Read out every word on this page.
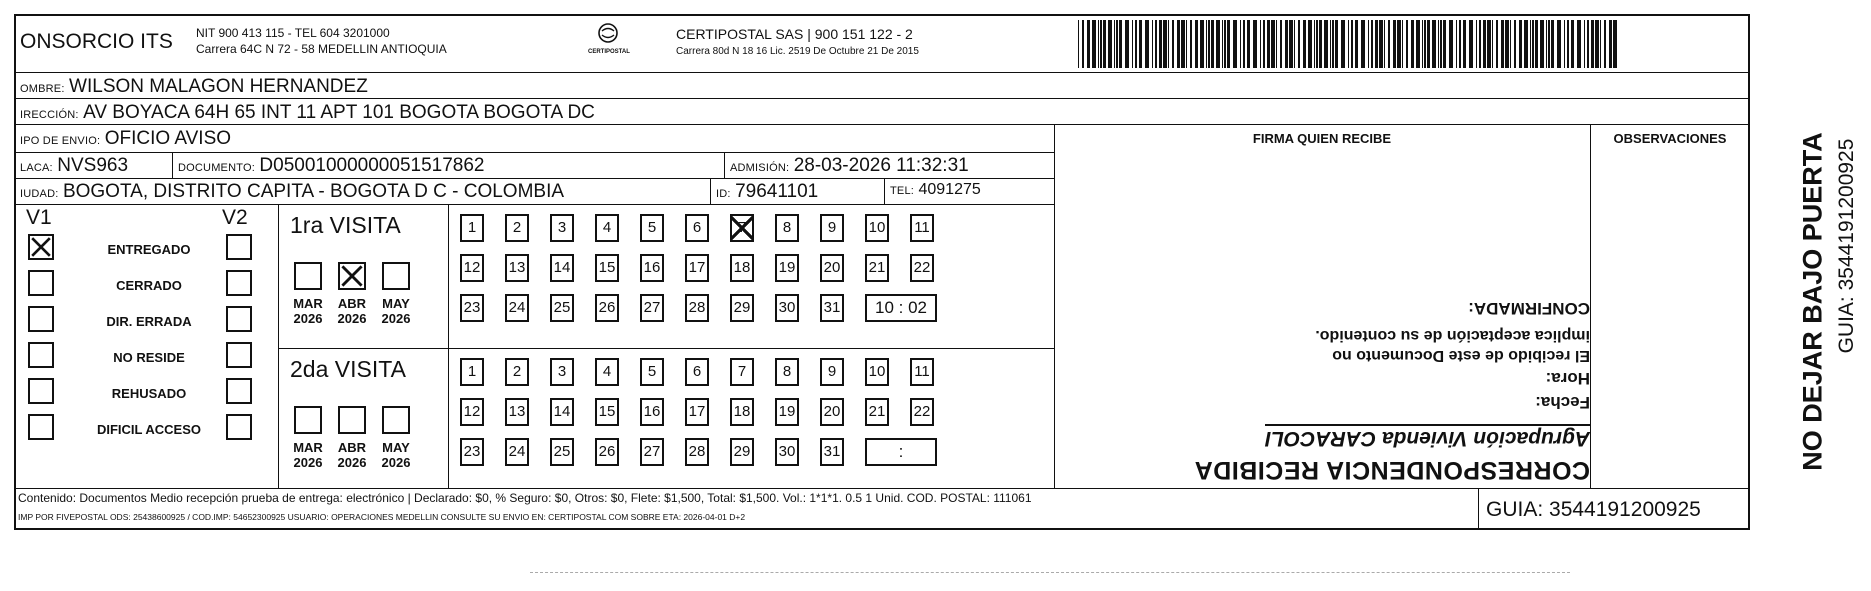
ONSORCIO ITS NIT 900 413 115 - TEL 604 3201000
Carrera 64C N 72 - 58 MEDELLIN ANTIOQUIA	CERTIPOSTAL
CERTIPOSTAL SAS | 900 151 122 - 2
Carrera 80d N 18 16 Lic. 2519 De Octubre 21 De 2015
OMBRE: WILSON MALAGON HERNANDEZ
IRECCIÓN: AV BOYACA 64H 65 INT 11 APT 101 BOGOTA BOGOTA DC
IPO DE ENVIO: OFICIO AVISO
LACA: NVS963	DOCUMENTO: D05001000000051517862	ADMISIÓN: 28-03-2026 11:32:31
IUDAD: BOGOTA, DISTRITO CAPITA - BOGOTA D C - COLOMBIA	ID: 79641101	TEL: 4091275
FIRMA QUIEN RECIBE	OBSERVACIONES
V1	V2
ENTREGADO
CERRADO
DIR. ERRADA
NO RESIDE
REHUSADO
DIFICIL ACCESO
1ra VISITA
MAR
2026
ABR
2026
MAY
2026
1	2	3	4	5	6	7	8	9	10 11
12 13 14 15 16 17 18 19 20 21 22
23 24 25 26 27 28 29 30 31	10 : 02
2da VISITA
MAR
2026
ABR
2026
MAY
2026
1	2	3	4	5	6	7	8	9	10 11
12 13 14 15 16 17 18 19 20 21 22
23 24 25 26 27 28 29 30 31	:
CORRESPONDENCIA RECIBIDA
Agrupación Vivienda CARACOLI
Fecha:
Hora:
El recibido de este Documento no
implica aceptación de su contenido.
CONFIRMADA:
Contenido: Documentos Medio recepción prueba de entrega: electrónico | Declarado: $0, % Seguro: $0, Otros: $0, Flete: $1,500, Total: $1,500. Vol.: 1*1*1. 0.5 1 Unid. COD. POSTAL: 111061
IMP POR FIVEPOSTAL ODS: 25438600925 / COD.IMP: 54652300925 USUARIO: OPERACIONES MEDELLIN CONSULTE SU ENVIO EN: CERTIPOSTAL COM SOBRE ETA: 2026-04-01 D+2	GUIA: 3544191200925
NO DEJAR BAJO PUERTA GUIA: 3544191200925
